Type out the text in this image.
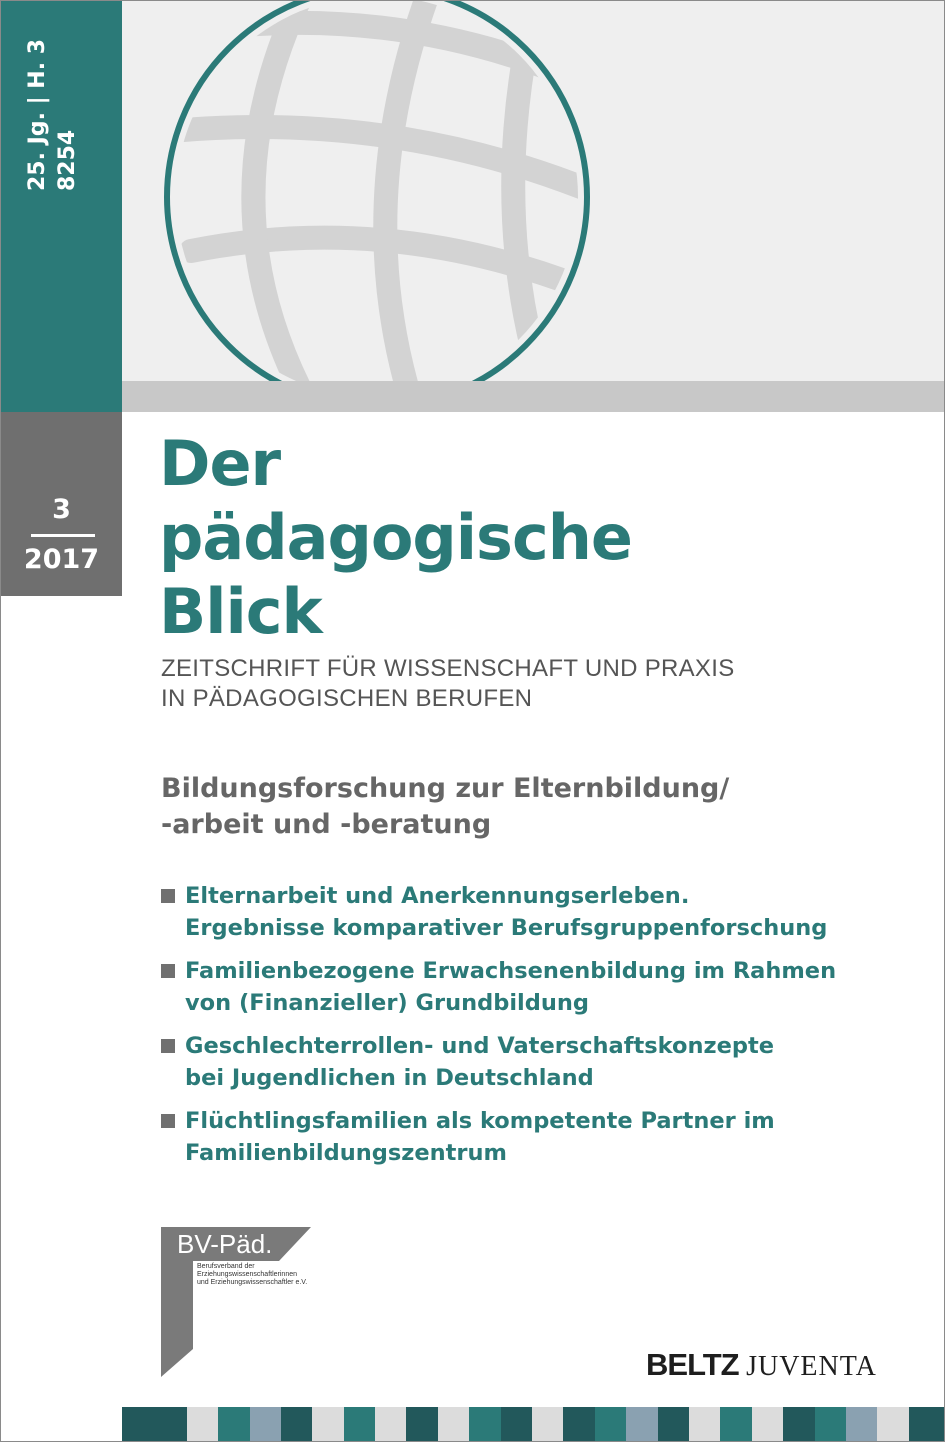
25. Jg. | H. 3 8254
3
2017
Der
pädagogische
Blick

ZEITSCHRIFT FÜR WISSENSCHAFT UND PRAXIS
IN PÄDAGOGISCHEN BERUFEN

Bildungsforschung zur Elternbildung/
-arbeit und -beratung

Elternarbeit und Anerkennungserleben.
Ergebnisse komparativer Berufsgruppenforschung
Familienbezogene Erwachsenenbildung im Rahmen
von (Finanzieller) Grundbildung
Geschlechterrollen- und Vaterschaftskonzepte
bei Jugendlichen in Deutschland
Flüchtlingsfamilien als kompetente Partner im
Familienbildungszentrum
BV-Päd.
Berufsverband der
Erziehungswissenschaftlerinnen
und Erziehungswissenschaftler e.V.
BELTZ JUVENTA
